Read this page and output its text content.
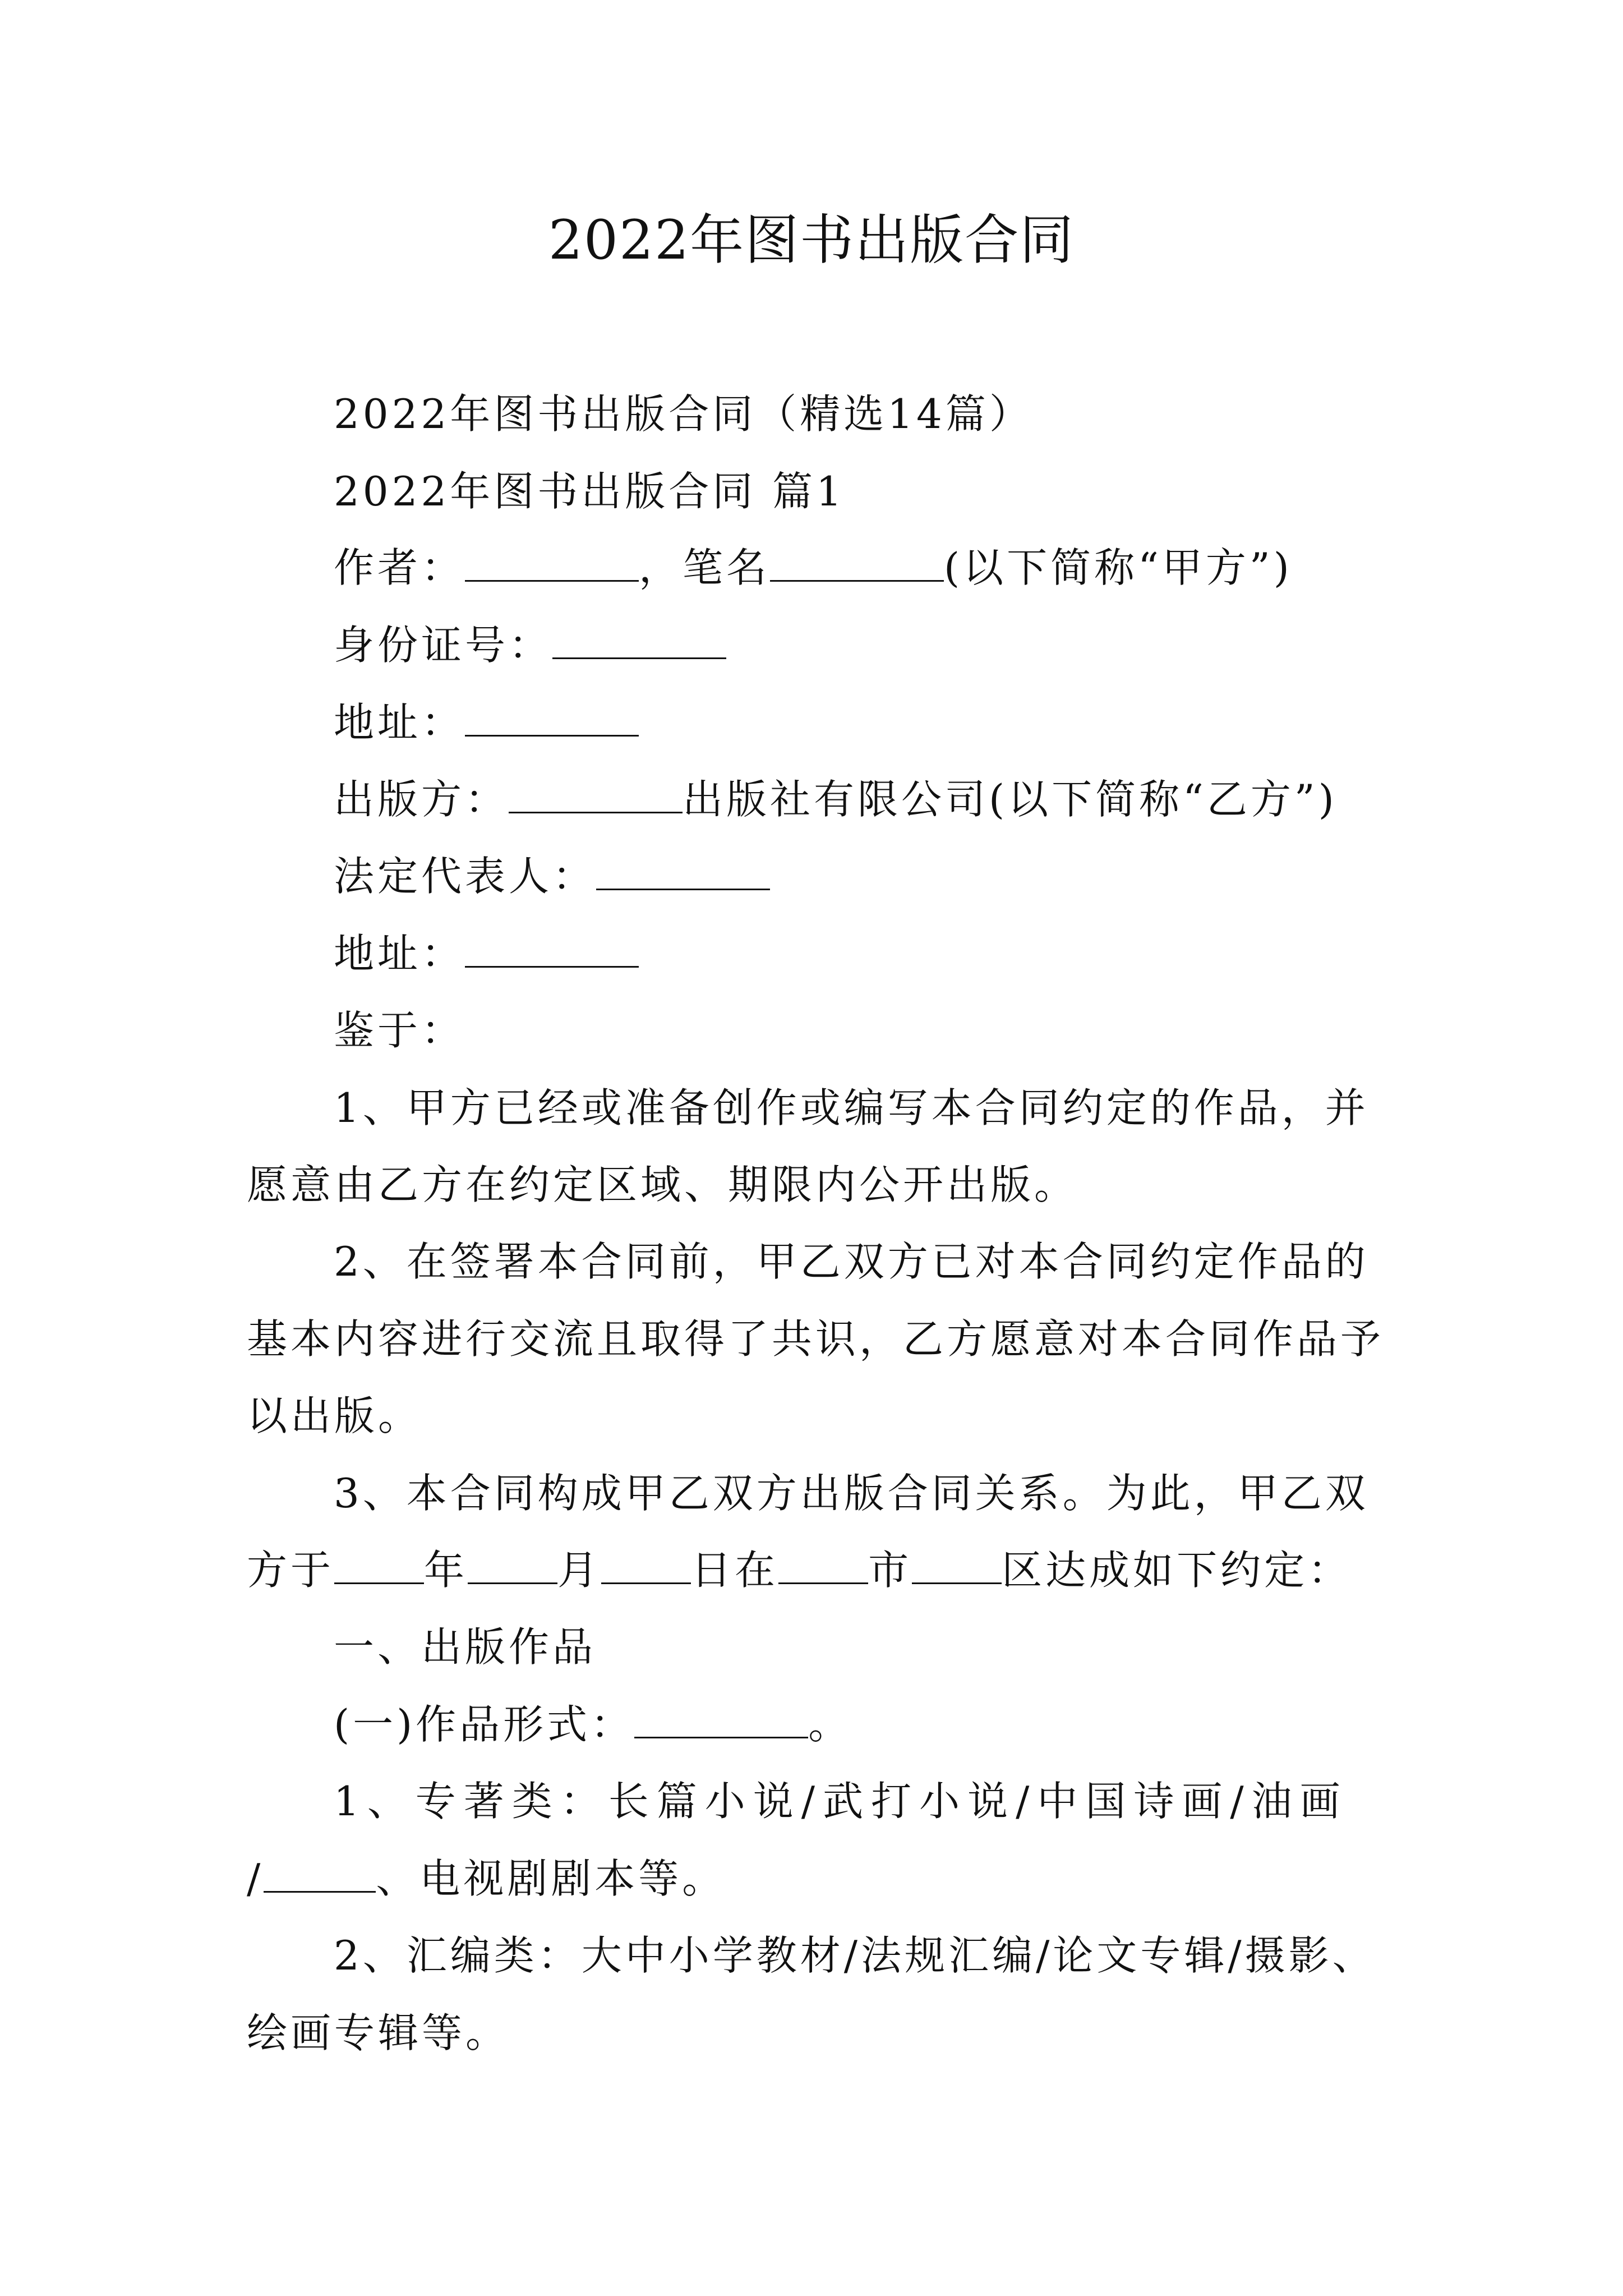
2022年图书出版合同
2022年图书出版合同（精选14篇）
2022年图书出版合同 篇1
作者：	，笔名	(以下简称“甲方”)
身份证号：
地址：
出版方：	出版社有限公司(以下简称“乙方”)
法定代表人：
地址：
鉴于：
1、甲方已经或准备创作或编写本合同约定的作品，并
愿意由乙方在约定区域、期限内公开出版。
2、在签署本合同前，甲乙双方已对本合同约定作品的
基本内容进行交流且取得了共识，乙方愿意对本合同作品予
以出版。
3、本合同构成甲乙双方出版合同关系。为此，甲乙双
方于 年 月 日在 市 区达成如下约定：
一、出版作品
(一)作品形式：	。
1、专著类：长篇小说/武打小说/中国诗画/油画
/	、电视剧剧本等。
2、汇编类：大中小学教材/法规汇编/论文专辑/摄影、
绘画专辑等。
